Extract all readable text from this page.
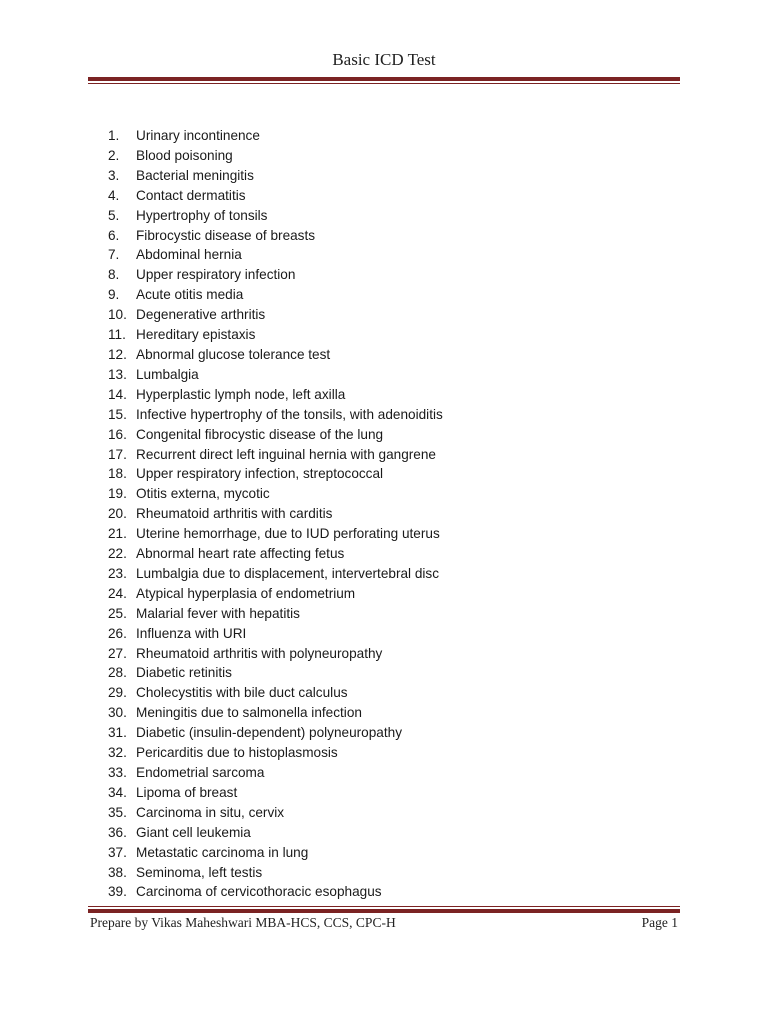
Basic ICD Test
1.	Urinary incontinence
2.	Blood poisoning
3.	Bacterial meningitis
4.	Contact dermatitis
5.	Hypertrophy of tonsils
6.	Fibrocystic disease of breasts
7.	Abdominal hernia
8.	Upper respiratory infection
9.	Acute otitis media
10. Degenerative arthritis
11. Hereditary epistaxis
12. Abnormal glucose tolerance test
13. Lumbalgia
14. Hyperplastic lymph node, left axilla
15. Infective hypertrophy of the tonsils, with adenoiditis
16. Congenital fibrocystic disease of the lung
17. Recurrent direct left inguinal hernia with gangrene
18. Upper respiratory infection, streptococcal
19. Otitis externa, mycotic
20. Rheumatoid arthritis with carditis
21. Uterine hemorrhage, due to IUD perforating uterus
22. Abnormal heart rate affecting fetus
23. Lumbalgia due to displacement, intervertebral disc
24. Atypical hyperplasia of endometrium
25. Malarial fever with hepatitis
26. Influenza with URI
27. Rheumatoid arthritis with polyneuropathy
28. Diabetic retinitis
29. Cholecystitis with bile duct calculus
30. Meningitis due to salmonella infection
31. Diabetic (insulin-dependent) polyneuropathy
32. Pericarditis due to histoplasmosis
33. Endometrial sarcoma
34. Lipoma of breast
35. Carcinoma in situ, cervix
36. Giant cell leukemia
37. Metastatic carcinoma in lung
38. Seminoma, left testis
39. Carcinoma of cervicothoracic esophagus
Prepare by Vikas Maheshwari MBA-HCS, CCS, CPC-H	Page 1
